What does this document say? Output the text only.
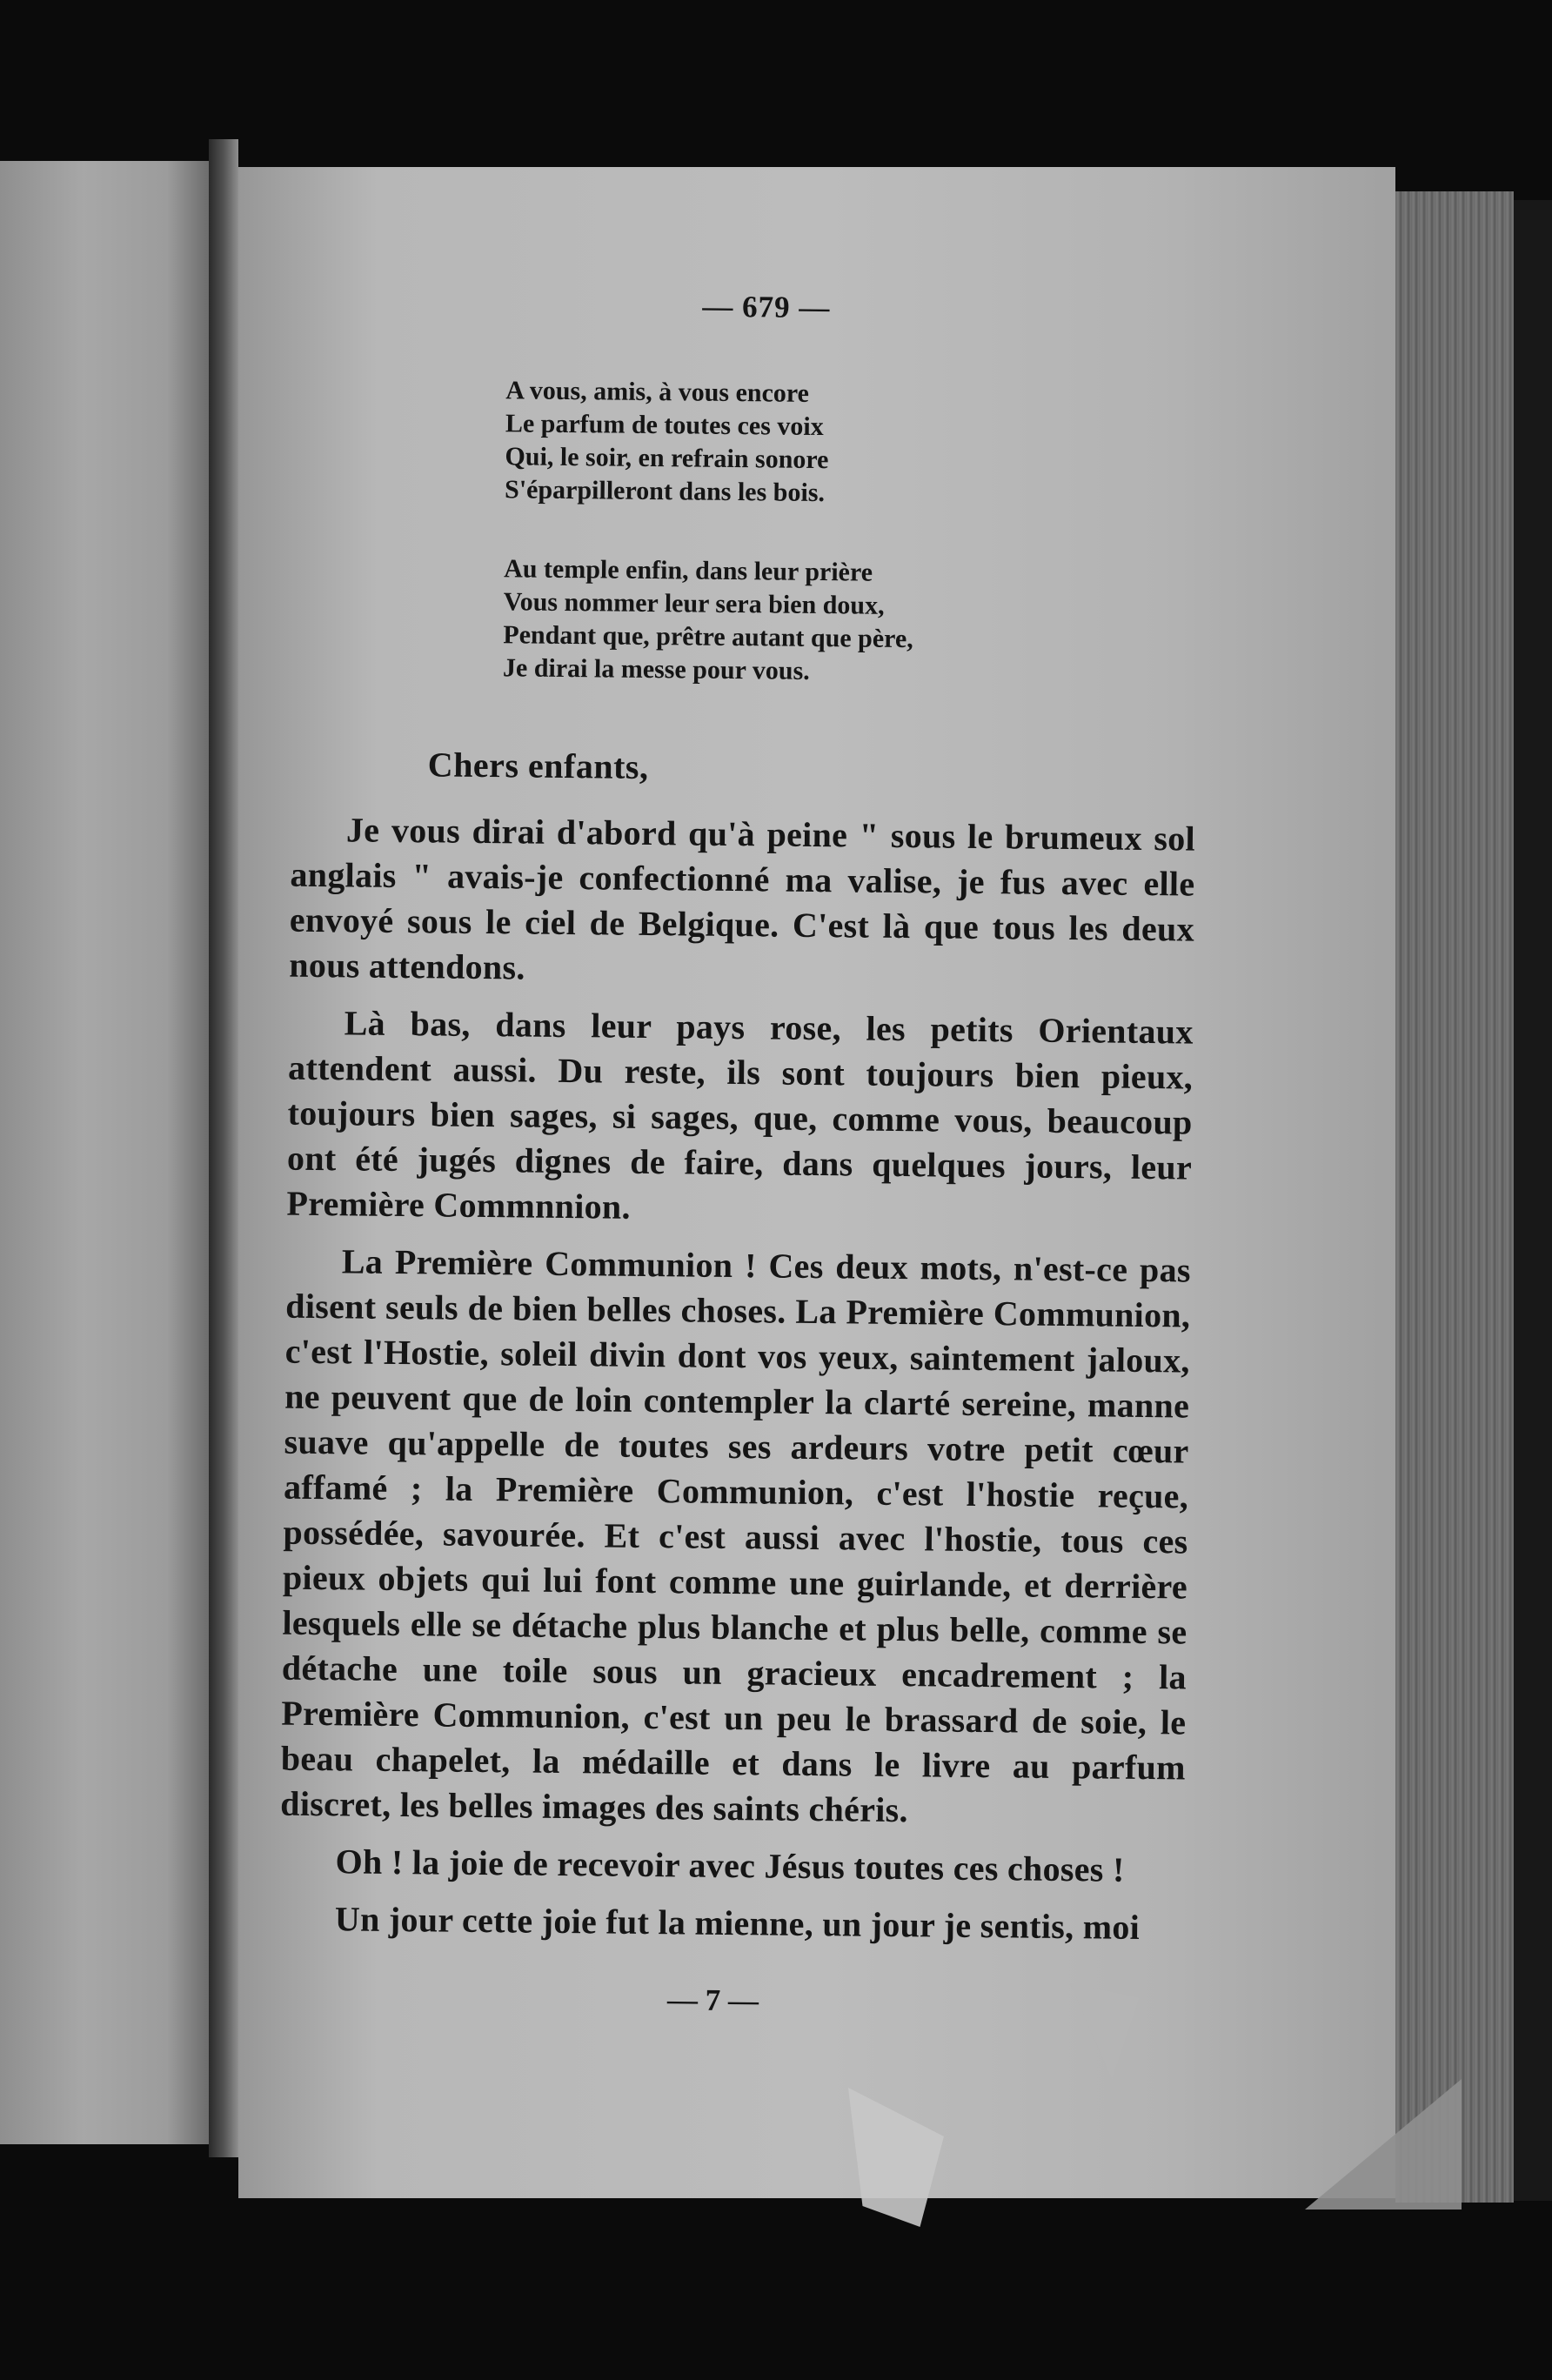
— 679 —
A vous, amis, à vous encore
Le parfum de toutes ces voix
Qui, le soir, en refrain sonore
S'éparpilleront dans les bois.
Au temple enfin, dans leur prière
Vous nommer leur sera bien doux,
Pendant que, prêtre autant que père,
Je dirai la messe pour vous.
Chers enfants,

Je vous dirai d'abord qu'à peine " sous le brumeux sol anglais " avais-je confectionné ma valise, je fus avec elle envoyé sous le ciel de Belgique. C'est là que tous les deux nous attendons.

Là bas, dans leur pays rose, les petits Orientaux attendent aussi. Du reste, ils sont toujours bien pieux, toujours bien sages, si sages, que, comme vous, beaucoup ont été jugés dignes de faire, dans quelques jours, leur Première Commnnion.

La Première Communion ! Ces deux mots, n'est-ce pas disent seuls de bien belles choses. La Première Communion, c'est l'Hostie, soleil divin dont vos yeux, saintement jaloux, ne peuvent que de loin contempler la clarté sereine, manne suave qu'appelle de toutes ses ardeurs votre petit cœur affamé ; la Première Communion, c'est l'hostie reçue, possédée, savourée. Et c'est aussi avec l'hostie, tous ces pieux objets qui lui font comme une guirlande, et derrière lesquels elle se détache plus blanche et plus belle, comme se détache une toile sous un gracieux encadrement ; la Première Communion, c'est un peu le brassard de soie, le beau chapelet, la médaille et dans le livre au parfum discret, les belles images des saints chéris.

Oh ! la joie de recevoir avec Jésus toutes ces choses !

Un jour cette joie fut la mienne, un jour je sentis, moi

— 7 —
